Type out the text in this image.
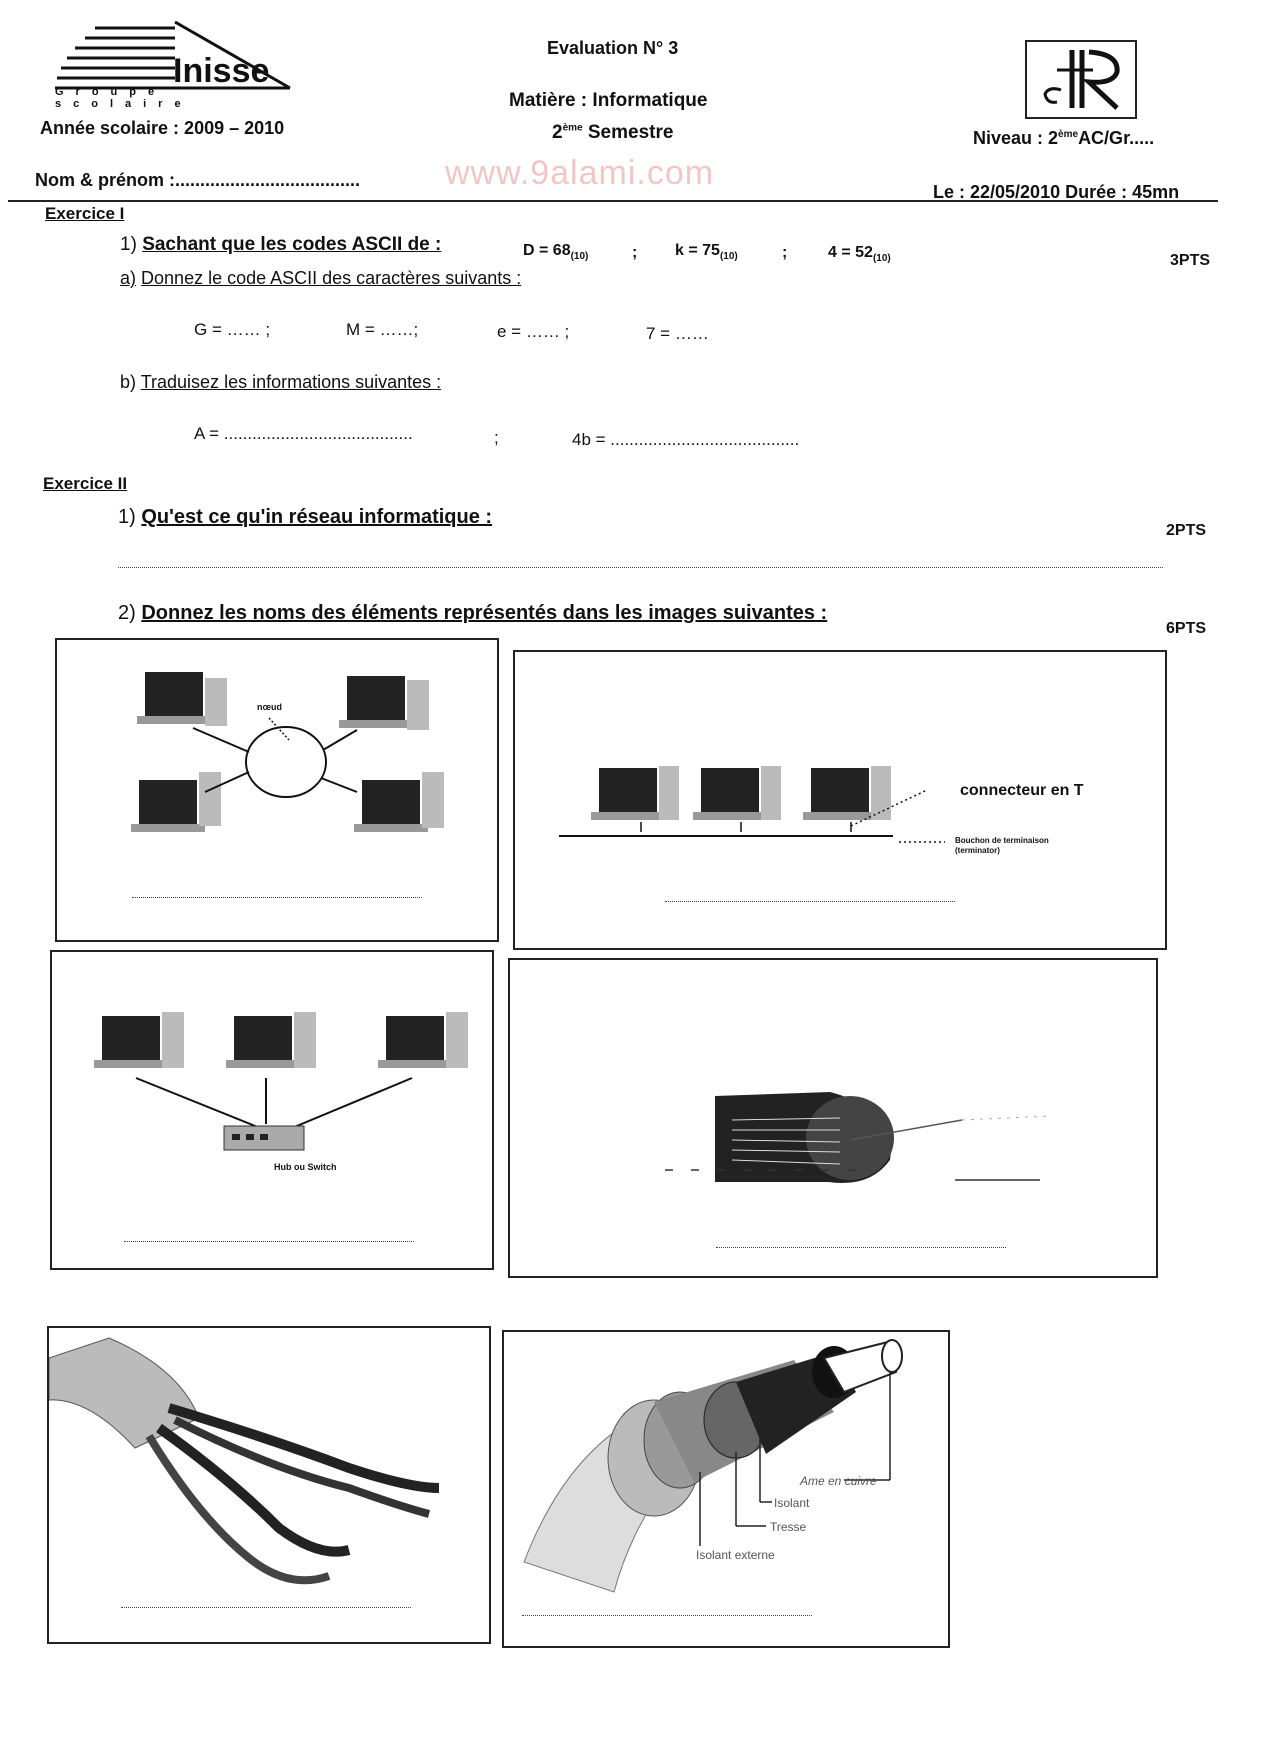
Inisse
Groupe scolaire
Année scolaire : 2009 – 2010
Evaluation N° 3
Matière : Informatique
2ème Semestre	Niveau : 2èmeAC/Gr.....
Nom & prénom :..................................... www.9alami.com	Le : 22/05/2010 Durée : 45mn
Exercice I
1) Sachant que les codes ASCII de :	$D = 68_{(10)}$	; $k = 75_{(10)}$	;	$4 = 52_{(10)}$	3PTS
a) Donnez le code ASCII des caractères suivants :
G = …… ;	M = ……;	e = …… ;	7 = ……
b) Traduisez les informations suivantes :
A = ........................................	;	4b = ........................................
Exercice II
1) Qu'est ce qu'in réseau informatique :
2PTS
2) Donnez les noms des éléments représentés dans les images suivantes :
6PTS
nœud
connecteur en T
Bouchon de terminaison
(terminator)
Hub ou Switch
Ame en cuivre
Isolant
Tresse
Isolant externe
